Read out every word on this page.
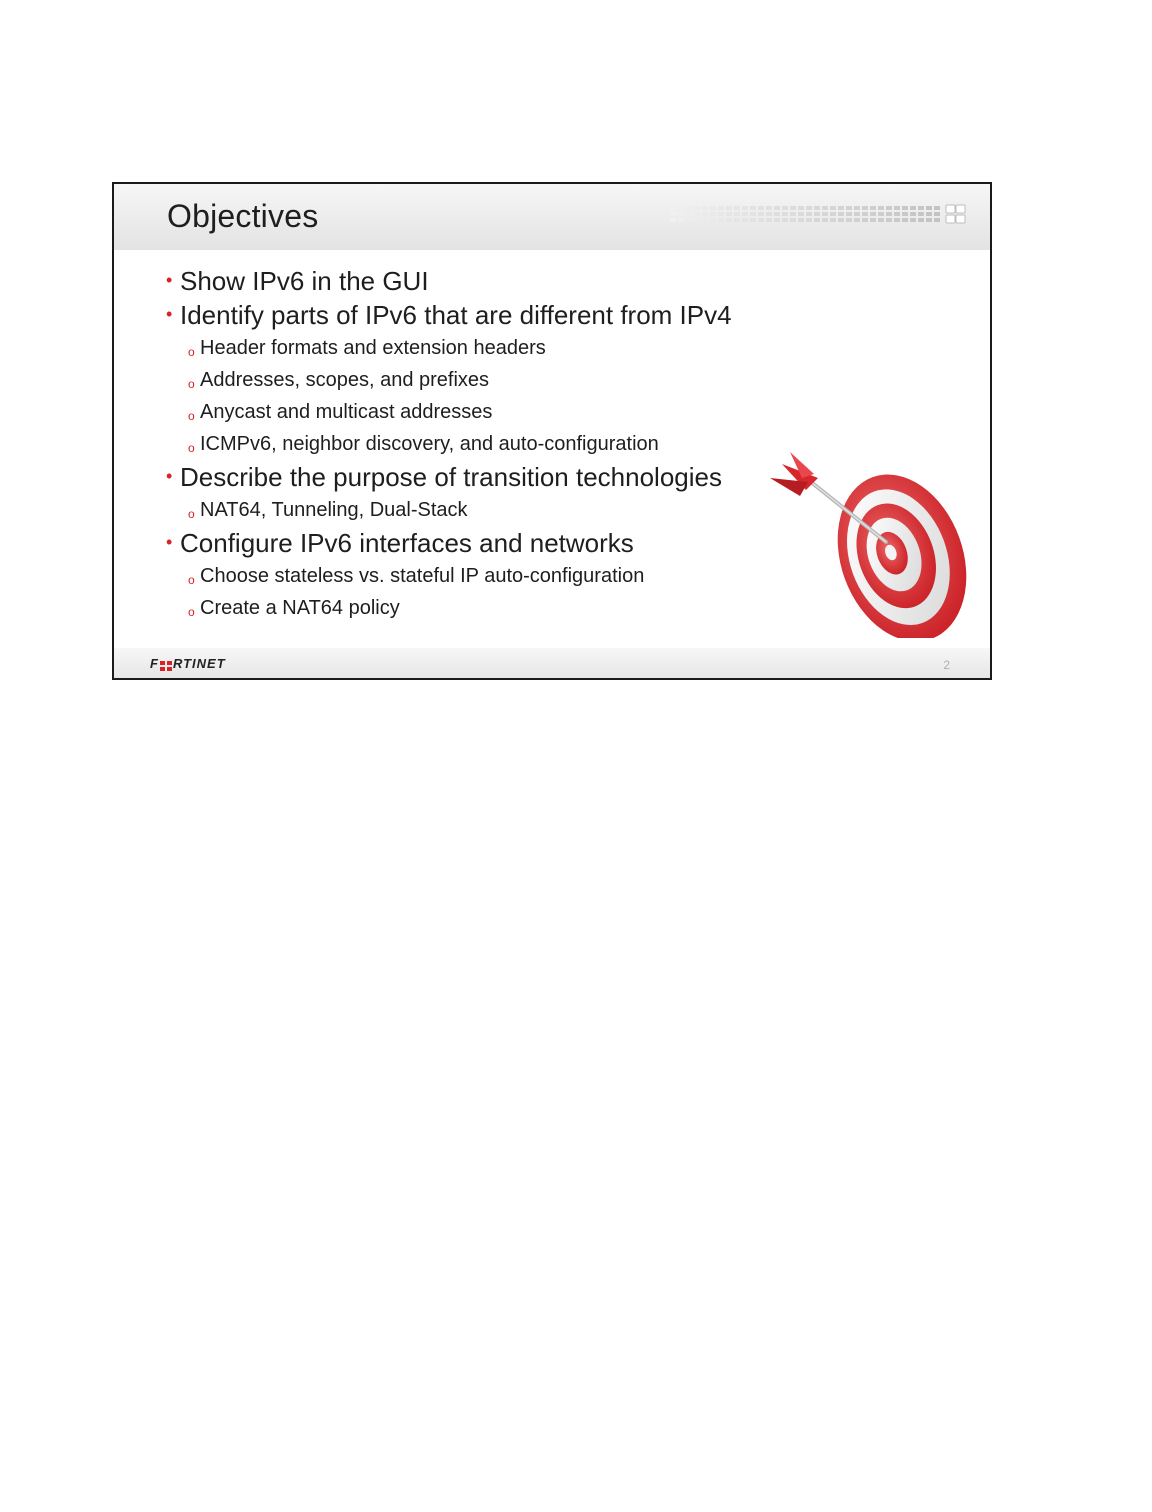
Objectives
• Show IPv6 in the GUI
• Identify parts of IPv6 that are different from IPv4
o Header formats and extension headers
o Addresses, scopes, and prefixes
o Anycast and multicast addresses
o ICMPv6, neighbor discovery, and auto-configuration
• Describe the purpose of transition technologies
o NAT64, Tunneling, Dual-Stack
• Configure IPv6 interfaces and networks
o Choose stateless vs. stateful IP auto-configuration
o Create a NAT64 policy
F RTINET	2
